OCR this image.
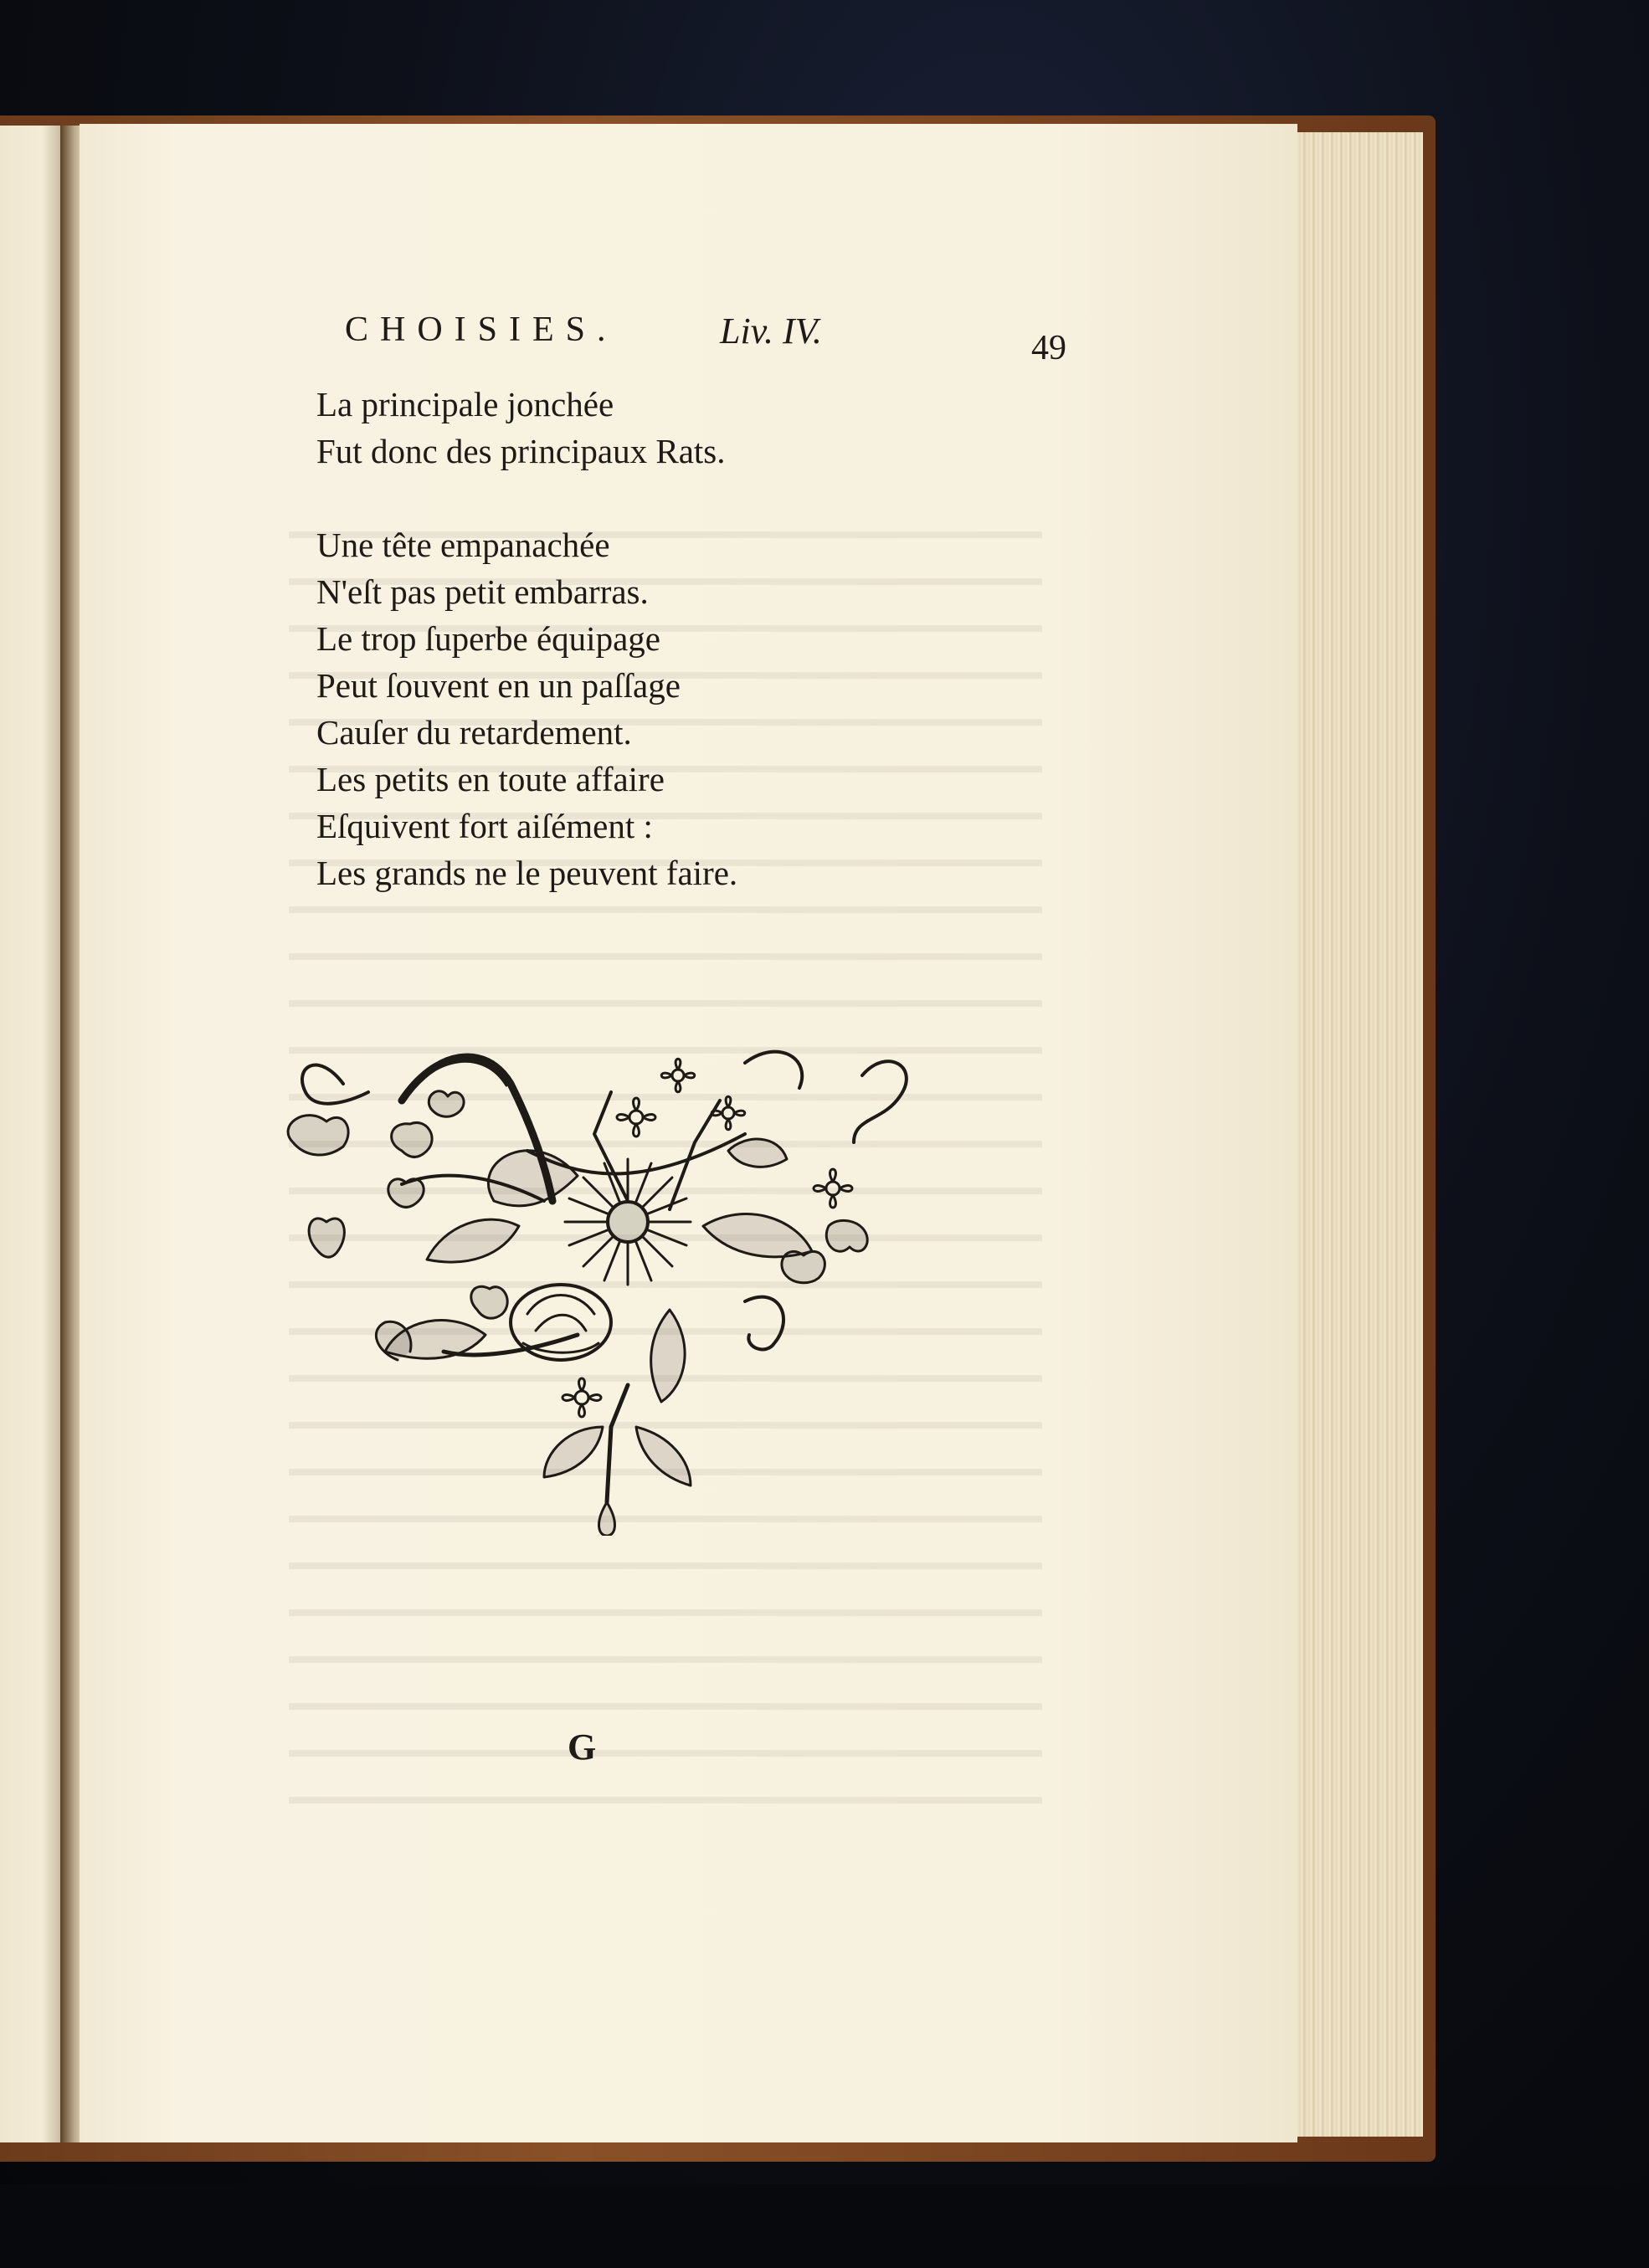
CHOISIES.	Liv. IV.	49

La principale jonchée

Fut donc des principaux Rats.

Une tête empanachée

N'eſt pas petit embarras.

Le trop ſuperbe équipage

Peut ſouvent en un paſſage

Cauſer du retardement.

Les petits en toute affaire

Eſquivent fort aiſément :

Les grands ne le peuvent faire.

G
